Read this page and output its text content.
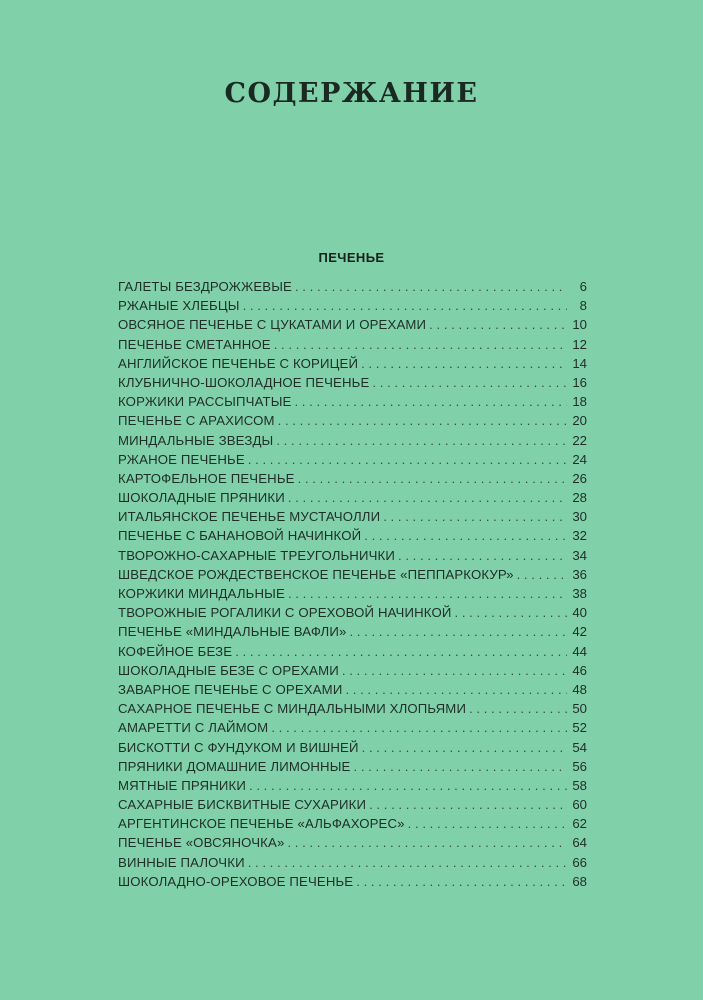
СОДЕРЖАНИЕ
ПЕЧЕНЬЕ
ГАЛЕТЫ БЕЗДРОЖЖЕВЫЕ . . .	6
РЖАНЫЕ ХЛЕБЦЫ . . .	8
ОВСЯНОЕ ПЕЧЕНЬЕ С ЦУКАТАМИ И ОРЕХАМИ . . .	10
ПЕЧЕНЬЕ СМЕТАННОЕ . . .	12
АНГЛИЙСКОЕ ПЕЧЕНЬЕ С КОРИЦЕЙ . . .	14
КЛУБНИЧНО-ШОКОЛАДНОЕ ПЕЧЕНЬЕ . . .	16
КОРЖИКИ РАССЫПЧАТЫЕ . . .	18
ПЕЧЕНЬЕ С АРАХИСОМ . . .	20
МИНДАЛЬНЫЕ ЗВЕЗДЫ . . .	22
РЖАНОЕ ПЕЧЕНЬЕ . . .	24
КАРТОФЕЛЬНОЕ ПЕЧЕНЬЕ . . .	26
ШОКОЛАДНЫЕ ПРЯНИКИ . . .	28
ИТАЛЬЯНСКОЕ ПЕЧЕНЬЕ МУСТАЧОЛЛИ . . .	30
ПЕЧЕНЬЕ С БАНАНОВОЙ НАЧИНКОЙ . . .	32
ТВОРОЖНО-САХАРНЫЕ ТРЕУГОЛЬНИЧКИ . . .	34
ШВЕДСКОЕ РОЖДЕСТВЕНСКОЕ ПЕЧЕНЬЕ «ПЕППАРКОКУР» . . .	36
КОРЖИКИ МИНДАЛЬНЫЕ . . .	38
ТВОРОЖНЫЕ РОГАЛИКИ С ОРЕХОВОЙ НАЧИНКОЙ . . .	40
ПЕЧЕНЬЕ «МИНДАЛЬНЫЕ ВАФЛИ» . . .	42
КОФЕЙНОЕ БЕЗЕ . . .	44
ШОКОЛАДНЫЕ БЕЗЕ С ОРЕХАМИ . . .	46
ЗАВАРНОЕ ПЕЧЕНЬЕ С ОРЕХАМИ . . .	48
САХАРНОЕ ПЕЧЕНЬЕ С МИНДАЛЬНЫМИ ХЛОПЬЯМИ . . .	50
АМАРЕТТИ С ЛАЙМОМ . . .	52
БИСКОТТИ С ФУНДУКОМ И ВИШНЕЙ . . .	54
ПРЯНИКИ ДОМАШНИЕ ЛИМОННЫЕ . . .	56
МЯТНЫЕ ПРЯНИКИ . . .	58
САХАРНЫЕ БИСКВИТНЫЕ СУХАРИКИ . . .	60
АРГЕНТИНСКОЕ ПЕЧЕНЬЕ «АЛЬФАХОРЕС» . . .	62
ПЕЧЕНЬЕ «ОВСЯНОЧКА» . . .	64
ВИННЫЕ ПАЛОЧКИ . . .	66
ШОКОЛАДНО-ОРЕХОВОЕ ПЕЧЕНЬЕ . . .	68
